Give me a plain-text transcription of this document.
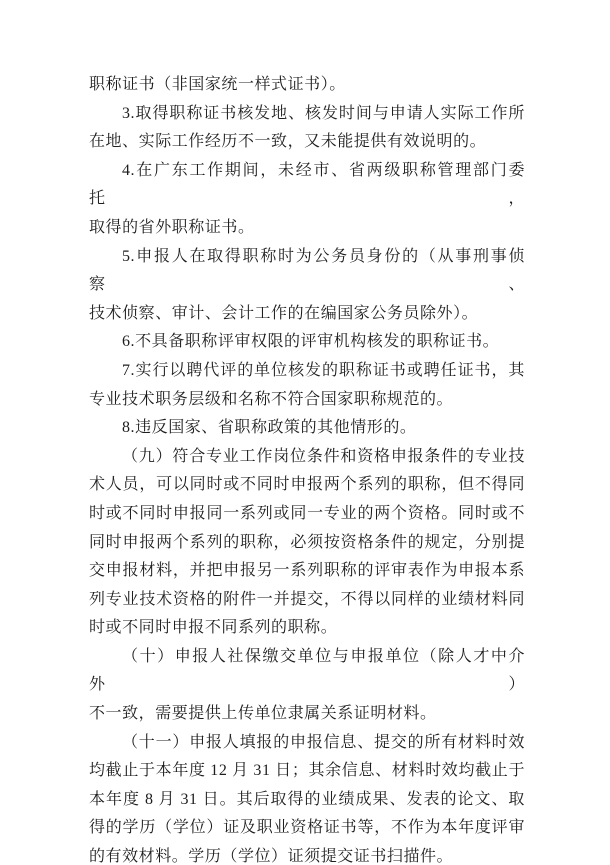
职称证书（非国家统一样式证书）。
3.取得职称证书核发地、核发时间与申请人实际工作所
在地、实际工作经历不一致，又未能提供有效说明的。
4.在广东工作期间，未经市、省两级职称管理部门委托，
取得的省外职称证书。
5.申报人在取得职称时为公务员身份的（从事刑事侦察、
技术侦察、审计、会计工作的在编国家公务员除外）。
6.不具备职称评审权限的评审机构核发的职称证书。
7.实行以聘代评的单位核发的职称证书或聘任证书，其
专业技术职务层级和名称不符合国家职称规范的。
8.违反国家、省职称政策的其他情形的。
（九）符合专业工作岗位条件和资格申报条件的专业技
术人员，可以同时或不同时申报两个系列的职称，但不得同
时或不同时申报同一系列或同一专业的两个资格。同时或不
同时申报两个系列的职称，必须按资格条件的规定，分别提
交申报材料，并把申报另一系列职称的评审表作为申报本系
列专业技术资格的附件一并提交，不得以同样的业绩材料同
时或不同时申报不同系列的职称。
（十）申报人社保缴交单位与申报单位（除人才中介外）
不一致，需要提供上传单位隶属关系证明材料。
（十一）申报人填报的申报信息、提交的所有材料时效
均截止于本年度 12 月 31 日；其余信息、材料时效均截止于
本年度 8 月 31 日。其后取得的业绩成果、发表的论文、取
得的学历（学位）证及职业资格证书等，不作为本年度评审
的有效材料。学历（学位）证须提交证书扫描件。
